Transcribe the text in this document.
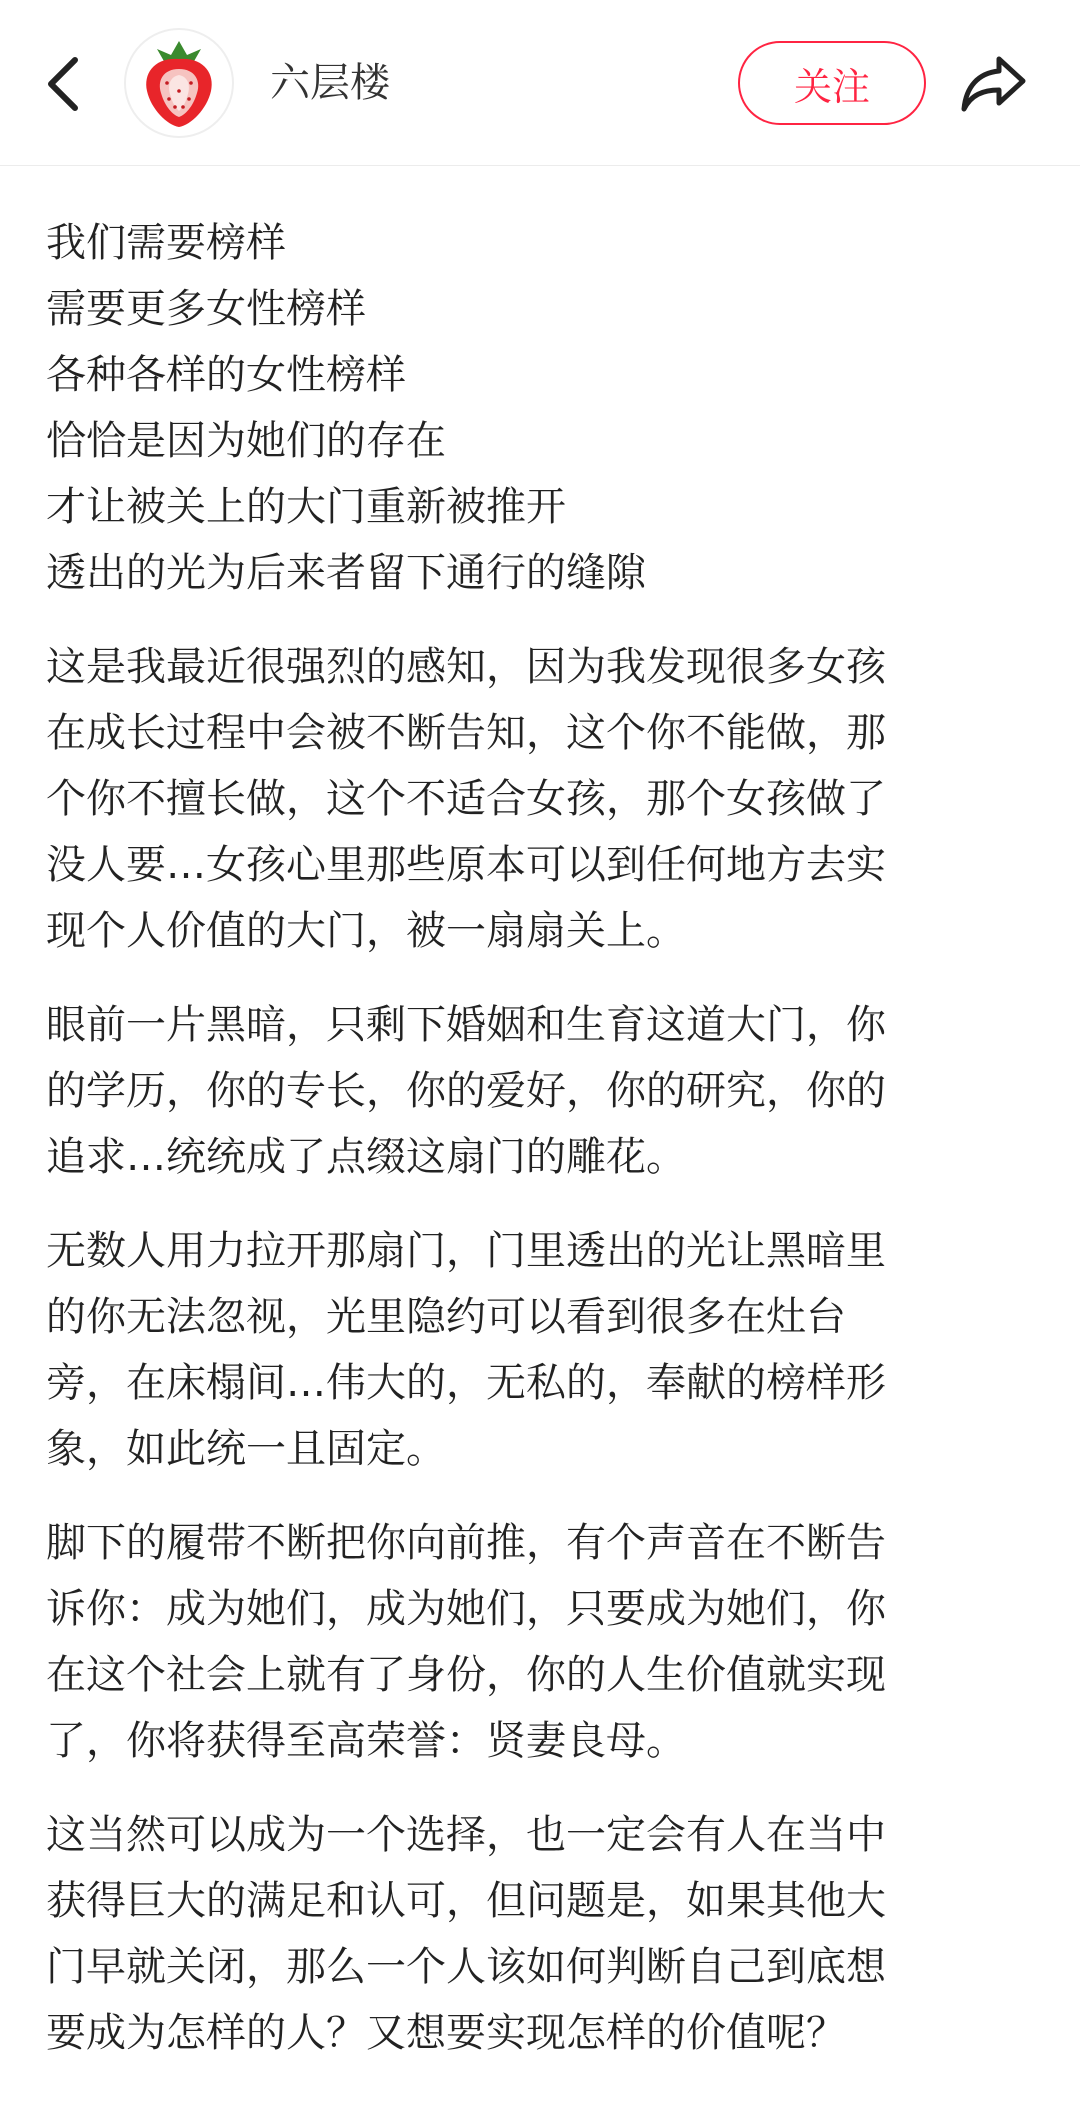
六层楼	关注
我们需要榜样
需要更多女性榜样
各种各样的女性榜样
恰恰是因为她们的存在
才让被关上的大门重新被推开
透出的光为后来者留下通行的缝隙
这是我最近很强烈的感知，因为我发现很多女孩
在成长过程中会被不断告知，这个你不能做，那
个你不擅长做，这个不适合女孩，那个女孩做了
没人要…女孩心里那些原本可以到任何地方去实
现个人价值的大门，被一扇扇关上。
眼前一片黑暗，只剩下婚姻和生育这道大门，你
的学历，你的专长，你的爱好，你的研究，你的
追求…统统成了点缀这扇门的雕花。
无数人用力拉开那扇门，门里透出的光让黑暗里
的你无法忽视，光里隐约可以看到很多在灶台
旁，在床榻间…伟大的，无私的，奉献的榜样形
象，如此统一且固定。
脚下的履带不断把你向前推，有个声音在不断告
诉你：成为她们，成为她们，只要成为她们，你
在这个社会上就有了身份，你的人生价值就实现
了，你将获得至高荣誉：贤妻良母。
这当然可以成为一个选择，也一定会有人在当中
获得巨大的满足和认可，但问题是，如果其他大
门早就关闭，那么一个人该如何判断自己到底想
要成为怎样的人？又想要实现怎样的价值呢？
